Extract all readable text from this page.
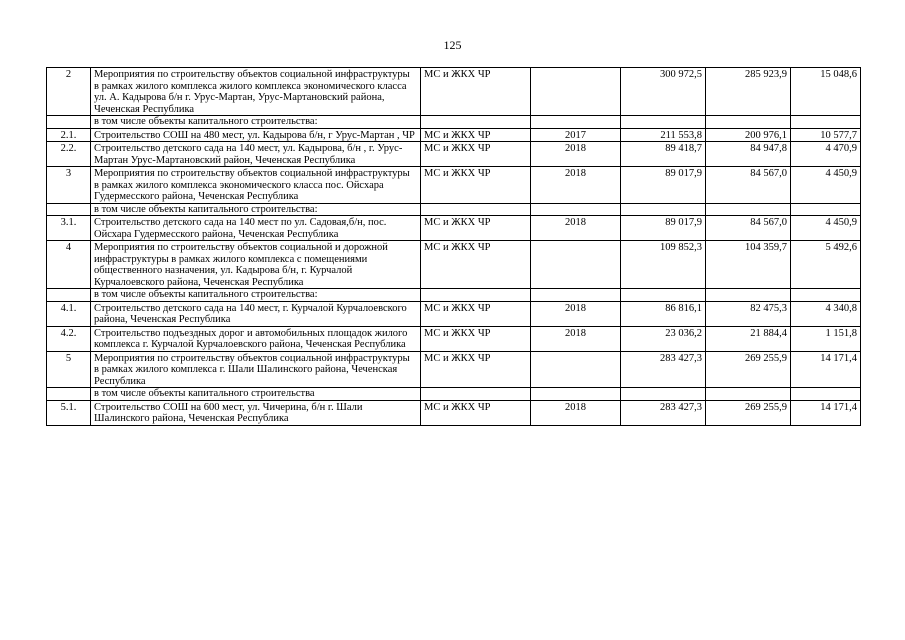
125
2	Мероприятия по строительству объектов социальной инфраструктуры в рамках жилого комплекса жилого комплекса экономического класса ул. А. Кадырова б/н г. Урус-Мартан, Урус-Мартановский района, Чеченская Республика	МС и ЖКХ ЧР		300 972,5	285 923,9	15 048,6
	в том числе объекты капитального строительства:					
2.1.	Строительство СОШ на 480 мест, ул. Кадырова б/н, г Урус-Мартан , ЧР	МС и ЖКХ ЧР	2017	211 553,8	200 976,1	10 577,7
2.2.	Строительство детского сада на 140 мест, ул. Кадырова, б/н , г. Урус-Мартан Урус-Мартановский район, Чеченская Республика	МС и ЖКХ ЧР	2018	89 418,7	84 947,8	4 470,9
3	Мероприятия по строительству объектов социальной инфраструктуры в рамках жилого комплекса экономического класса пос. Ойсхара Гудермесского района, Чеченская Республика	МС и ЖКХ ЧР	2018	89 017,9	84 567,0	4 450,9
	в том числе объекты капитального строительства:					
3.1.	Строительство детского сада на 140 мест по ул. Садовая,б/н, пос. Ойсхара Гудермесского района, Чеченская Республика	МС и ЖКХ ЧР	2018	89 017,9	84 567,0	4 450,9
4	Мероприятия по строительству объектов социальной и дорожной инфраструктуры в рамках жилого комплекса с помещениями общественного назначения, ул. Кадырова б/н, г. Курчалой Курчалоевского района, Чеченская Республика	МС и ЖКХ ЧР		109 852,3	104 359,7	5 492,6
	в том числе объекты капитального строительства:					
4.1.	Строительство детского сада на 140 мест, г. Курчалой Курчалоевского района, Чеченская Республика	МС и ЖКХ ЧР	2018	86 816,1	82 475,3	4 340,8
4.2.	Строительство подъездных дорог и автомобильных площадок жилого комплекса г. Курчалой Курчалоевского района, Чеченская Республика	МС и ЖКХ ЧР	2018	23 036,2	21 884,4	1 151,8
5	Мероприятия по строительству объектов социальной инфраструктуры в рамках жилого комплекса г. Шали Шалинского района, Чеченская Республика	МС и ЖКХ ЧР		283 427,3	269 255,9	14 171,4
	в том числе объекты капитального строительства					
5.1.	Строительство СОШ на 600 мест, ул. Чичерина, б/н г. Шали Шалинского района, Чеченская Республика	МС и ЖКХ ЧР	2018	283 427,3	269 255,9	14 171,4
